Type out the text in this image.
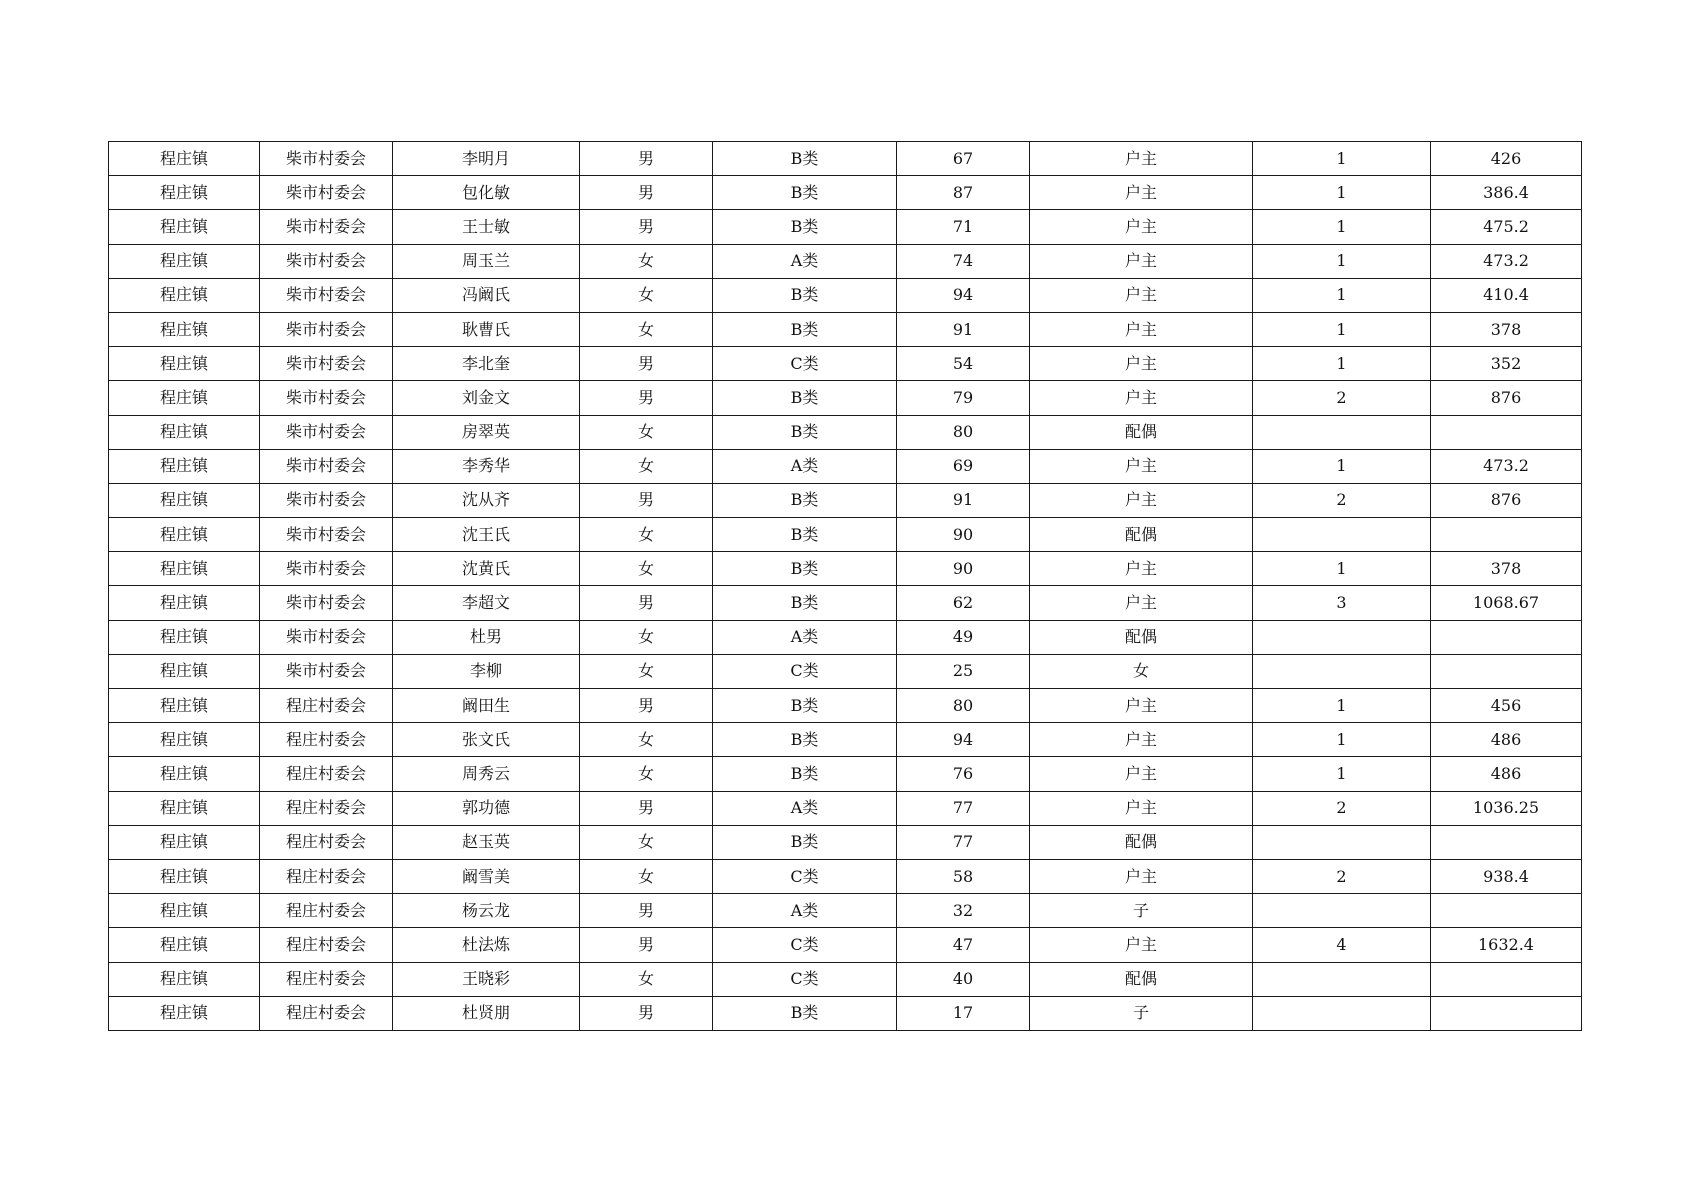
程庄镇	柴市村委会	李明月	男	B类	67	户主	1	426
程庄镇	柴市村委会	包化敏	男	B类	87	户主	1	386.4
程庄镇	柴市村委会	王士敏	男	B类	71	户主	1	475.2
程庄镇	柴市村委会	周玉兰	女	A类	74	户主	1	473.2
程庄镇	柴市村委会	冯阚氏	女	B类	94	户主	1	410.4
程庄镇	柴市村委会	耿曹氏	女	B类	91	户主	1	378
程庄镇	柴市村委会	李北奎	男	C类	54	户主	1	352
程庄镇	柴市村委会	刘金文	男	B类	79	户主	2	876
程庄镇	柴市村委会	房翠英	女	B类	80	配偶		
程庄镇	柴市村委会	李秀华	女	A类	69	户主	1	473.2
程庄镇	柴市村委会	沈从齐	男	B类	91	户主	2	876
程庄镇	柴市村委会	沈王氏	女	B类	90	配偶		
程庄镇	柴市村委会	沈黄氏	女	B类	90	户主	1	378
程庄镇	柴市村委会	李超文	男	B类	62	户主	3	1068.67
程庄镇	柴市村委会	杜男	女	A类	49	配偶		
程庄镇	柴市村委会	李柳	女	C类	25	女		
程庄镇	程庄村委会	阚田生	男	B类	80	户主	1	456
程庄镇	程庄村委会	张文氏	女	B类	94	户主	1	486
程庄镇	程庄村委会	周秀云	女	B类	76	户主	1	486
程庄镇	程庄村委会	郭功德	男	A类	77	户主	2	1036.25
程庄镇	程庄村委会	赵玉英	女	B类	77	配偶		
程庄镇	程庄村委会	阚雪美	女	C类	58	户主	2	938.4
程庄镇	程庄村委会	杨云龙	男	A类	32	子		
程庄镇	程庄村委会	杜法炼	男	C类	47	户主	4	1632.4
程庄镇	程庄村委会	王晓彩	女	C类	40	配偶		
程庄镇	程庄村委会	杜贤朋	男	B类	17	子		
